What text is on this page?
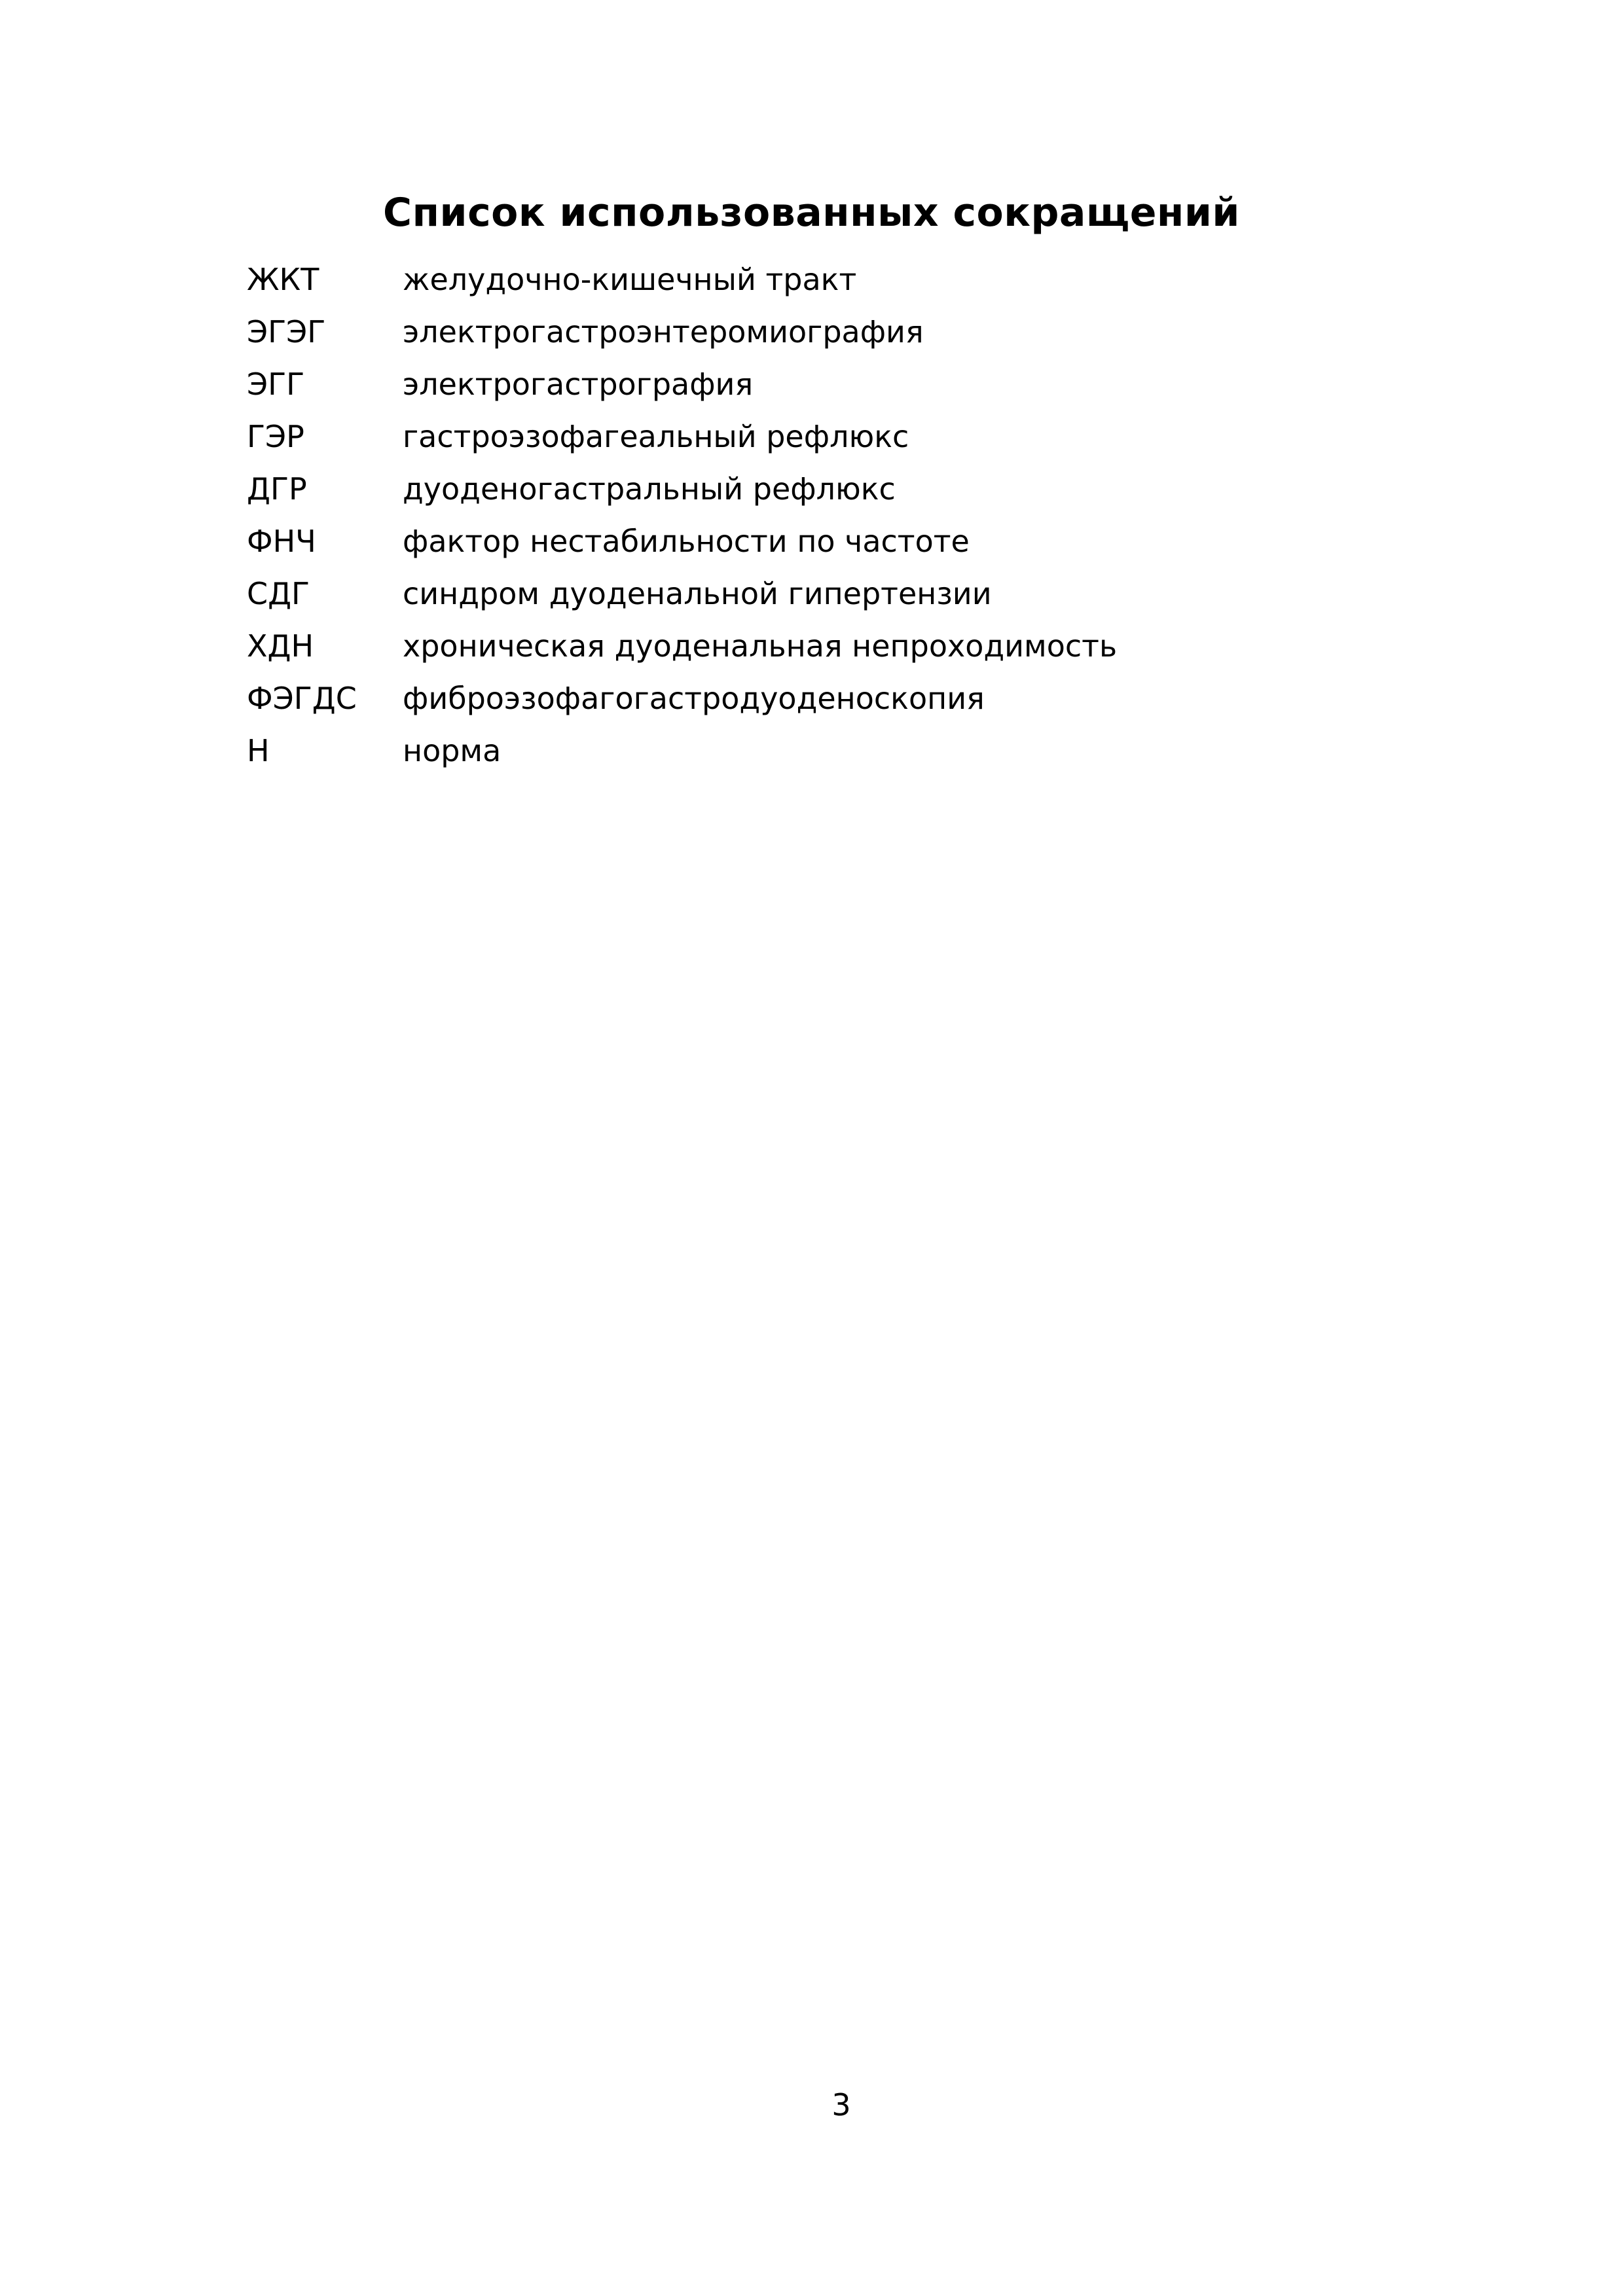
Список использованных сокращений
ЖКТ	желудочно-кишечный тракт
ЭГЭГ	электрогастроэнтеромиография
ЭГГ	электрогастрография
ГЭР	гастроэзофагеальный рефлюкс
ДГР	дуоденогастральный рефлюкс
ФНЧ	фактор нестабильности по частоте
СДГ	синдром дуоденальной гипертензии
ХДН	хроническая дуоденальная непроходимость
ФЭГДС	фиброэзофагогастродуоденоскопия
Н	норма
3
